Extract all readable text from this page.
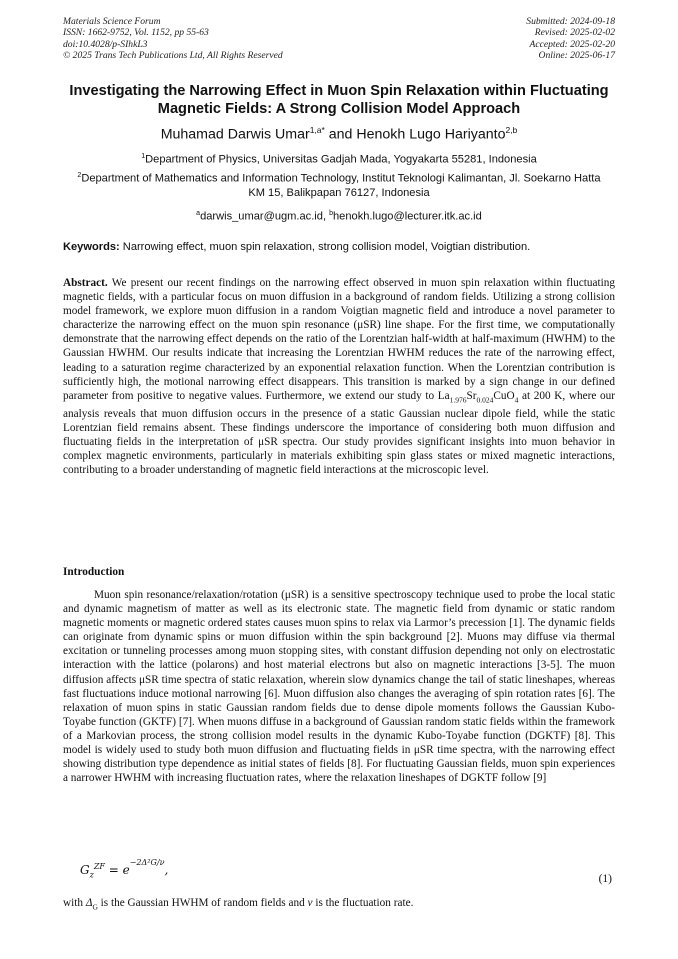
Materials Science Forum
ISSN: 1662-9752, Vol. 1152, pp 55-63
doi:10.4028/p-SIhkL3
© 2025 Trans Tech Publications Ltd, All Rights Reserved
Submitted: 2024-09-18
Revised: 2025-02-02
Accepted: 2025-02-20
Online: 2025-06-17
Investigating the Narrowing Effect in Muon Spin Relaxation within Fluctuating Magnetic Fields: A Strong Collision Model Approach
Muhamad Darwis Umar$^{1,a*}$ and Henokh Lugo Hariyanto$^{2,b}$
$^1$Department of Physics, Universitas Gadjah Mada, Yogyakarta 55281, Indonesia
$^2$Department of Mathematics and Information Technology, Institut Teknologi Kalimantan, Jl. Soekarno Hatta KM 15, Balikpapan 76127, Indonesia
$^a$darwis_umar@ugm.ac.id, $^b$henokh.lugo@lecturer.itk.ac.id
Keywords: Narrowing effect, muon spin relaxation, strong collision model, Voigtian distribution.
Abstract. We present our recent findings on the narrowing effect observed in muon spin relaxation within fluctuating magnetic fields, with a particular focus on muon diffusion in a background of random fields. Utilizing a strong collision model framework, we explore muon diffusion in a random Voigtian magnetic field and introduce a novel parameter to characterize the narrowing effect on the muon spin resonance (μSR) line shape. For the first time, we computationally demonstrate that the narrowing effect depends on the ratio of the Lorentzian half-width at half-maximum (HWHM) to the Gaussian HWHM. Our results indicate that increasing the Lorentzian HWHM reduces the rate of the narrowing effect, leading to a saturation regime characterized by an exponential relaxation function. When the Lorentzian contribution is sufficiently high, the motional narrowing effect disappears. This transition is marked by a sign change in our defined parameter from positive to negative values. Furthermore, we extend our study to $La_{1.976}Sr_{0.024}CuO_4$ at 200 K, where our analysis reveals that muon diffusion occurs in the presence of a static Gaussian nuclear dipole field, while the static Lorentzian field remains absent. These findings underscore the importance of considering both muon diffusion and fluctuating fields in the interpretation of μSR spectra. Our study provides significant insights into muon behavior in complex magnetic environments, particularly in materials exhibiting spin glass states or mixed magnetic interactions, contributing to a broader understanding of magnetic field interactions at the microscopic level.
Introduction
Muon spin resonance/relaxation/rotation (μSR) is a sensitive spectroscopy technique used to probe the local static and dynamic magnetism of matter as well as its electronic state. The magnetic field from dynamic or static random magnetic moments or magnetic ordered states causes muon spins to relax via Larmor’s precession [1]. The dynamic fields can originate from dynamic spins or muon diffusion within the spin background [2]. Muons may diffuse via thermal excitation or tunneling processes among muon stopping sites, with constant diffusion depending not only on electrostatic interaction with the lattice (polarons) and host material electrons but also on magnetic interactions [3-5]. The muon diffusion affects μSR time spectra of static relaxation, wherein slow dynamics change the tail of static lineshapes, whereas fast fluctuations induce motional narrowing [6]. Muon diffusion also changes the averaging of spin rotation rates [6]. The relaxation of muon spins in static Gaussian random fields due to dense dipole moments follows the Gaussian Kubo-Toyabe function (GKTF) [7]. When muons diffuse in a background of Gaussian random static fields within the framework of a Markovian process, the strong collision model results in the dynamic Kubo-Toyabe function (DGKTF) [8]. This model is widely used to study both muon diffusion and fluctuating fields in μSR time spectra, with the narrowing effect showing distribution type dependence as initial states of fields [8]. For fluctuating Gaussian fields, muon spin experiences a narrower HWHM with increasing fluctuation rates, where the relaxation lineshapes of DGKTF follow [9]
$G_z^{ZF} = e^{-2\Delta^2G/\nu}$,
(1)
with $\Delta_G$ is the Gaussian HWHM of random fields and ν is the fluctuation rate.
